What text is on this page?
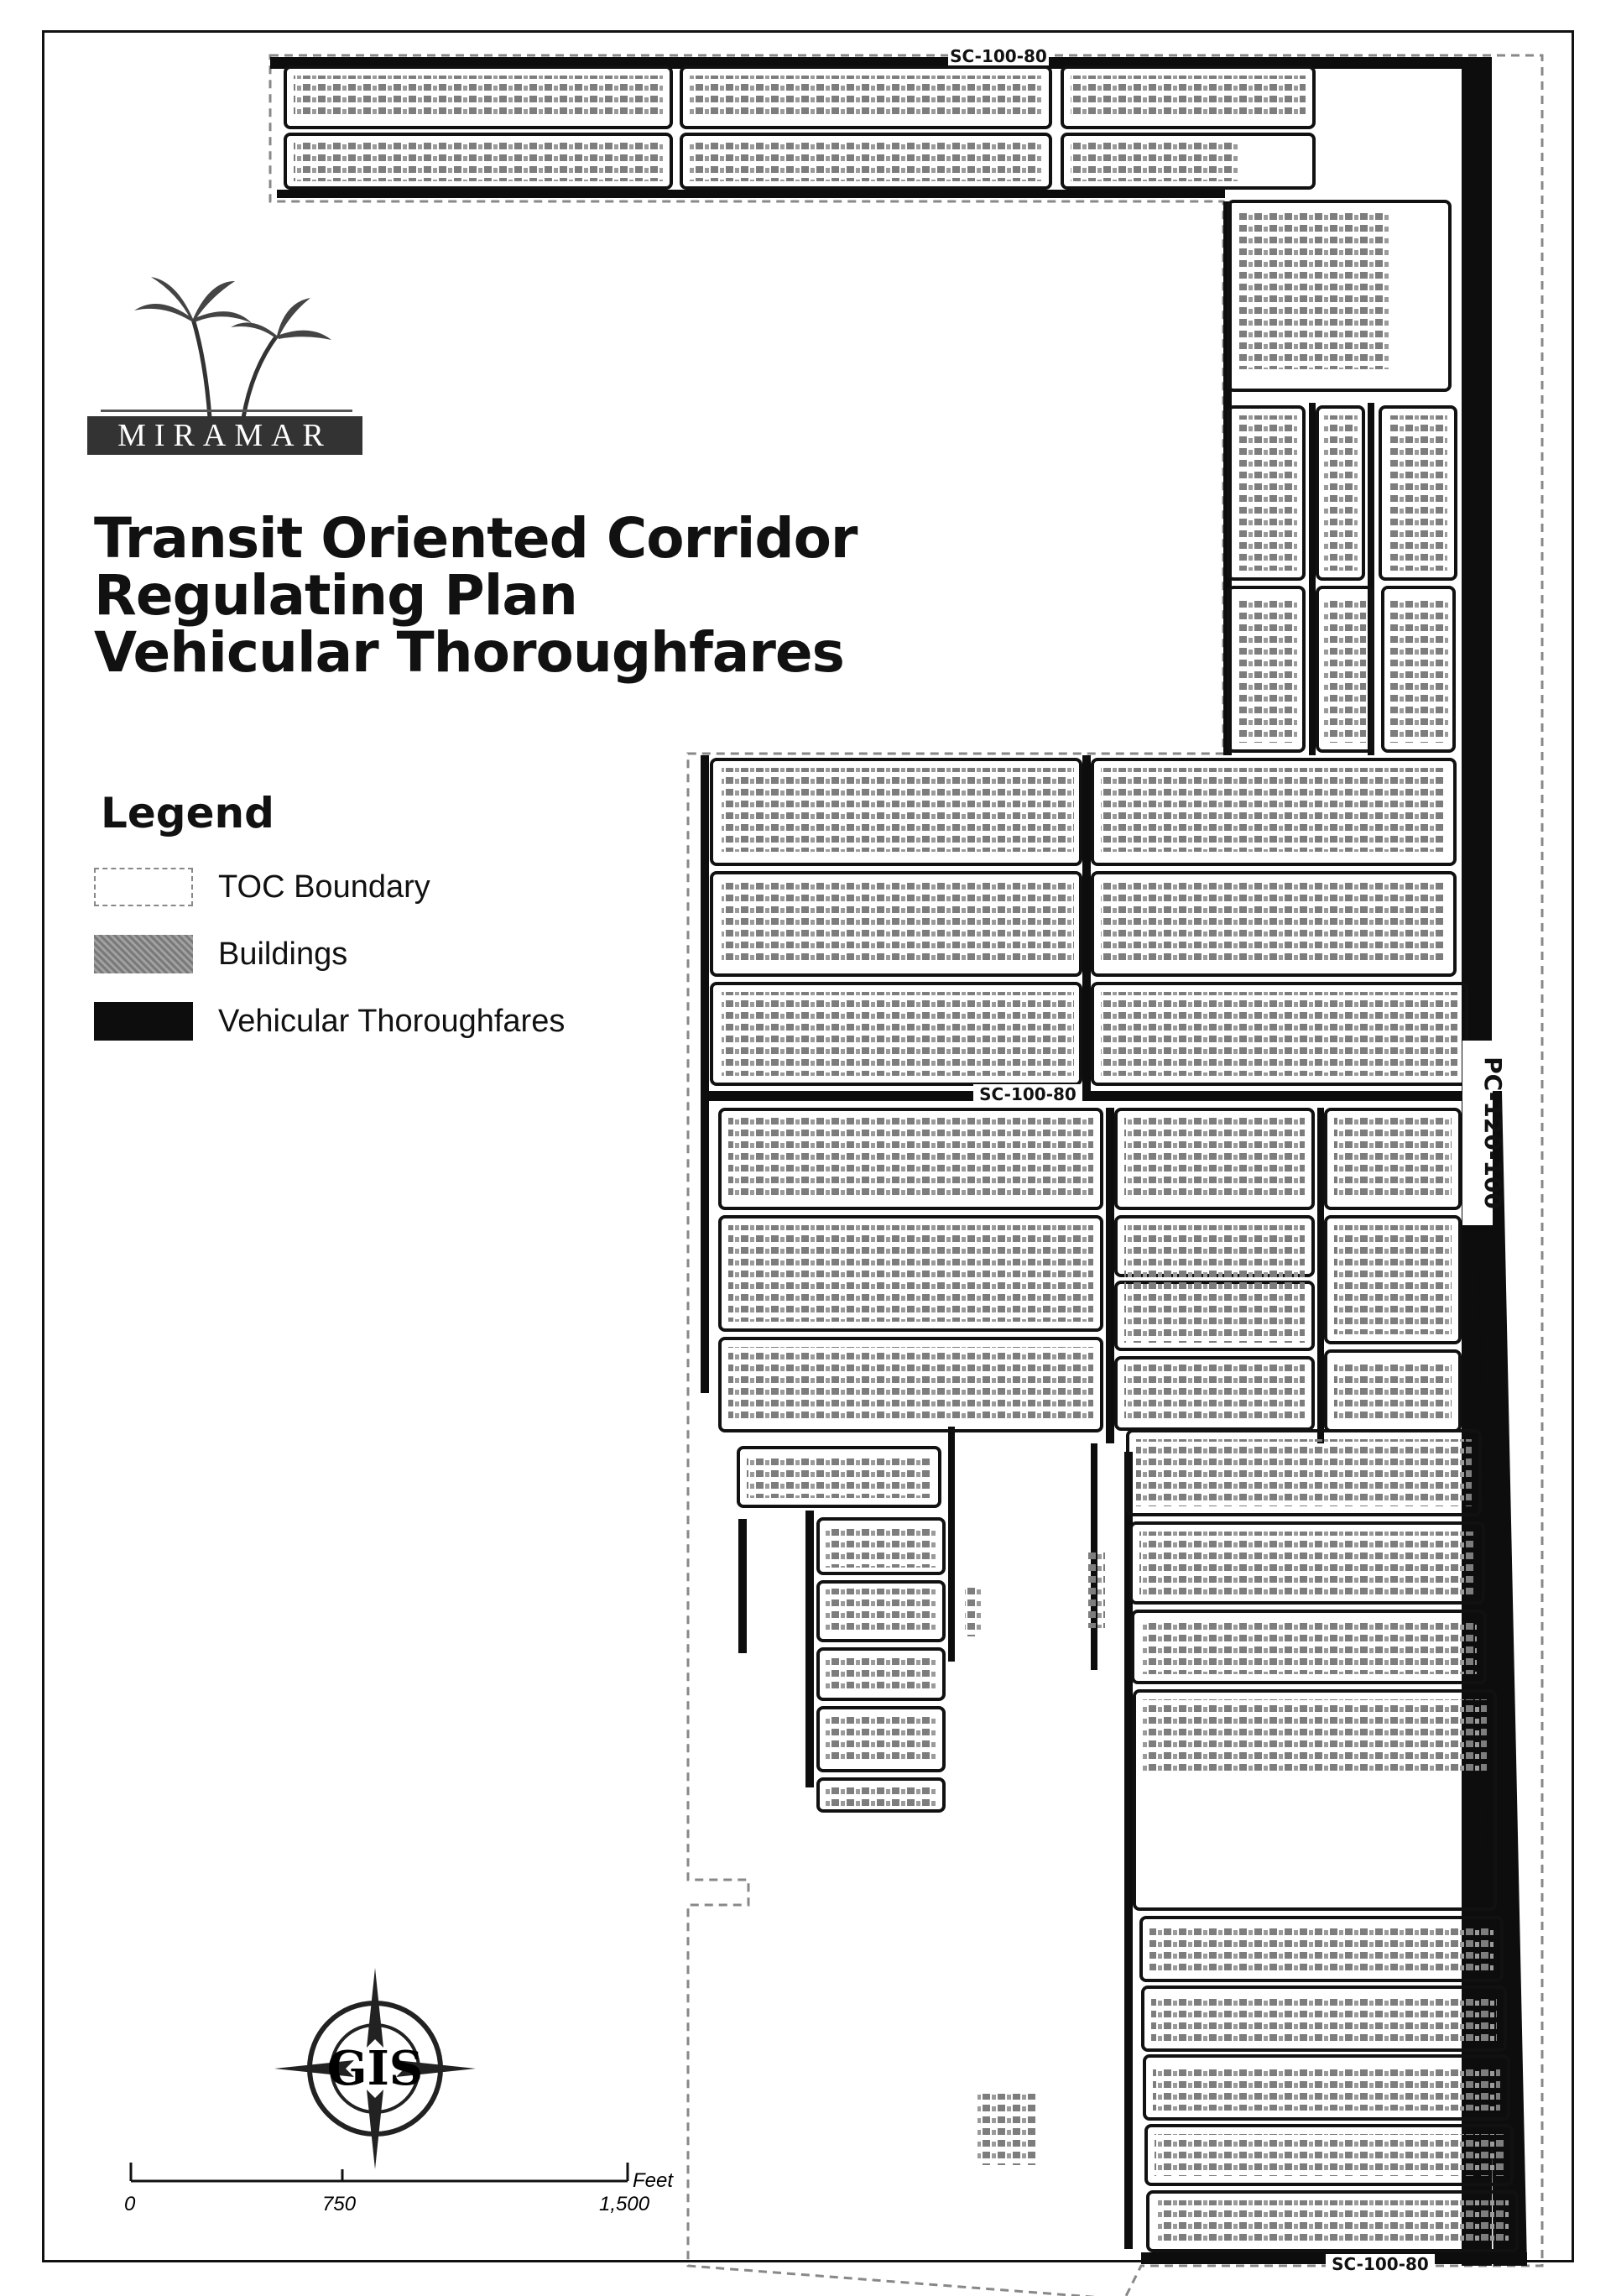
SC-100-80
SC-100-80
SC-100-80
PC-120-100
MIRAMAR
Transit Oriented Corridor
Regulating Plan
Vehicular Thoroughfares
Legend
TOC Boundary
Buildings
Vehicular Thoroughfares
GIS
0	750	1,500
Feet
